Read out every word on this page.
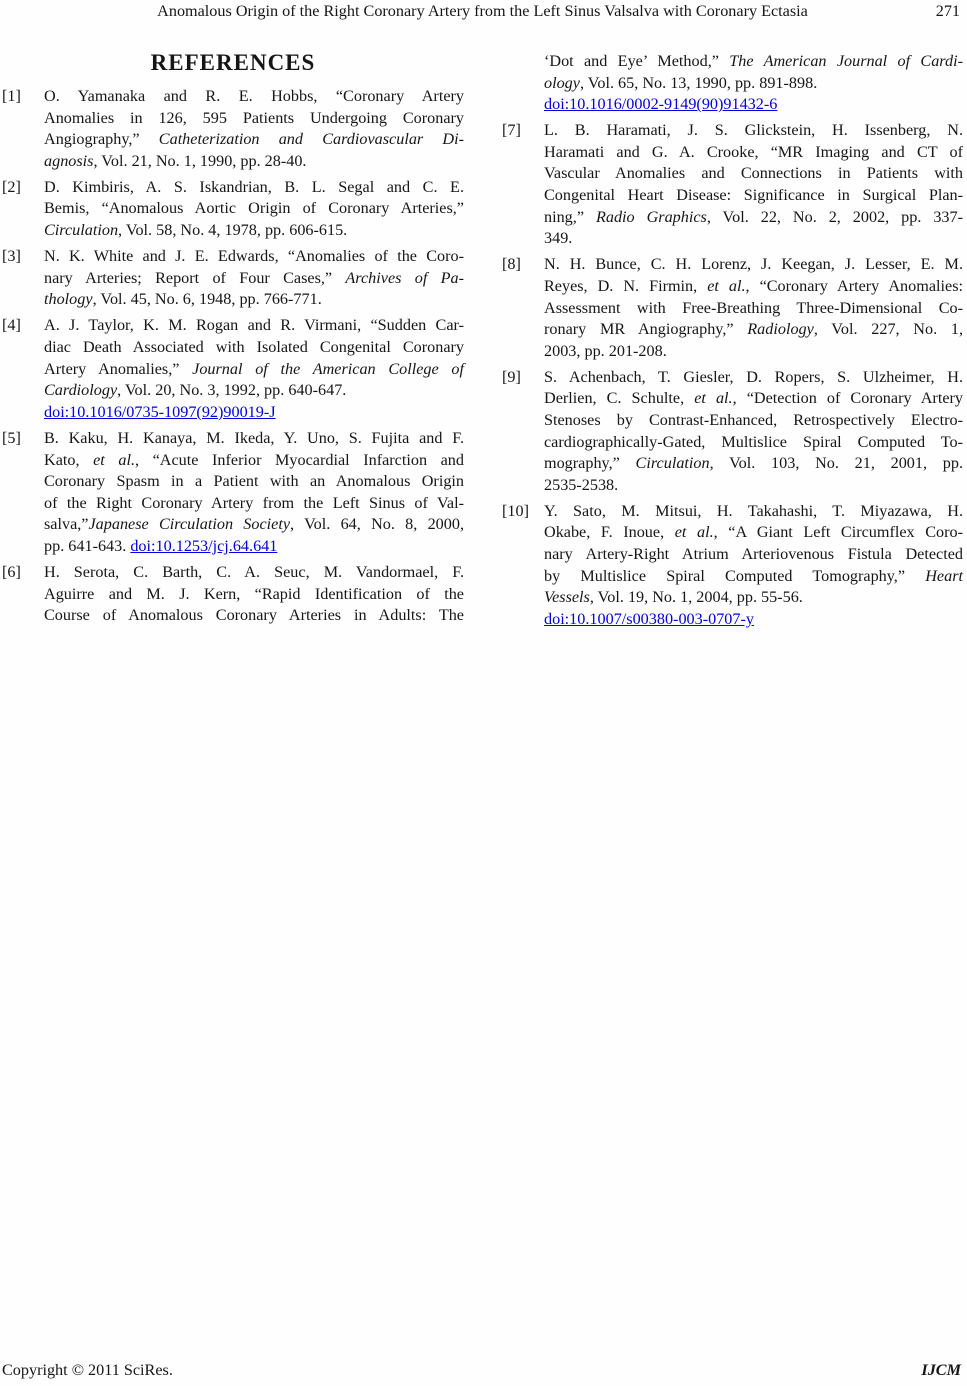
Anomalous Origin of the Right Coronary Artery from the Left Sinus Valsalva with Coronary Ectasia	271
REFERENCES
[1] O. Yamanaka and R. E. Hobbs, “Coronary Artery
Anomalies in 126, 595 Patients Undergoing Coronary
Angiography,” Catheterization and Cardiovascular Di-
agnosis, Vol. 21, No. 1, 1990, pp. 28-40.
[2] D. Kimbiris, A. S. Iskandrian, B. L. Segal and C. E.
Bemis, “Anomalous Aortic Origin of Coronary Arteries,”
Circulation, Vol. 58, No. 4, 1978, pp. 606-615.
[3] N. K. White and J. E. Edwards, “Anomalies of the Coro-
nary Arteries; Report of Four Cases,” Archives of Pa-
thology, Vol. 45, No. 6, 1948, pp. 766-771.
[4] A. J. Taylor, K. M. Rogan and R. Virmani, “Sudden Car-
diac Death Associated with Isolated Congenital Coronary
Artery Anomalies,” Journal of the American College of
Cardiology, Vol. 20, No. 3, 1992, pp. 640-647.
doi:10.1016/0735-1097(92)90019-J
[5] B. Kaku, H. Kanaya, M. Ikeda, Y. Uno, S. Fujita and F.
Kato, et al., “Acute Inferior Myocardial Infarction and
Coronary Spasm in a Patient with an Anomalous Origin
of the Right Coronary Artery from the Left Sinus of Val-
salva,”Japanese Circulation Society, Vol. 64, No. 8, 2000,
pp. 641-643. doi:10.1253/jcj.64.641
[6] H. Serota, C. Barth, C. A. Seuc, M. Vandormael, F.
Aguirre and M. J. Kern, “Rapid Identification of the
Course of Anomalous Coronary Arteries in Adults: The
‘Dot and Eye’ Method,” The American Journal of Cardi-
ology, Vol. 65, No. 13, 1990, pp. 891-898.
doi:10.1016/0002-9149(90)91432-6
[7] L. B. Haramati, J. S. Glickstein, H. Issenberg, N.
Haramati and G. A. Crooke, “MR Imaging and CT of
Vascular Anomalies and Connections in Patients with
Congenital Heart Disease: Significance in Surgical Plan-
ning,” Radio Graphics, Vol. 22, No. 2, 2002, pp. 337-
349.
[8] N. H. Bunce, C. H. Lorenz, J. Keegan, J. Lesser, E. M.
Reyes, D. N. Firmin, et al., “Coronary Artery Anomalies:
Assessment with Free-Breathing Three-Dimensional Co-
ronary MR Angiography,” Radiology, Vol. 227, No. 1,
2003, pp. 201-208.
[9] S. Achenbach, T. Giesler, D. Ropers, S. Ulzheimer, H.
Derlien, C. Schulte, et al., “Detection of Coronary Artery
Stenoses by Contrast-Enhanced, Retrospectively Electro-
cardiographically-Gated, Multislice Spiral Computed To-
mography,” Circulation, Vol. 103, No. 21, 2001, pp.
2535-2538.
[10] Y. Sato, M. Mitsui, H. Takahashi, T. Miyazawa, H.
Okabe, F. Inoue, et al., “A Giant Left Circumflex Coro-
nary Artery-Right Atrium Arteriovenous Fistula Detected
by Multislice Spiral Computed Tomography,” Heart
Vessels, Vol. 19, No. 1, 2004, pp. 55-56.
doi:10.1007/s00380-003-0707-y
Copyright © 2011 SciRes.	IJCM
